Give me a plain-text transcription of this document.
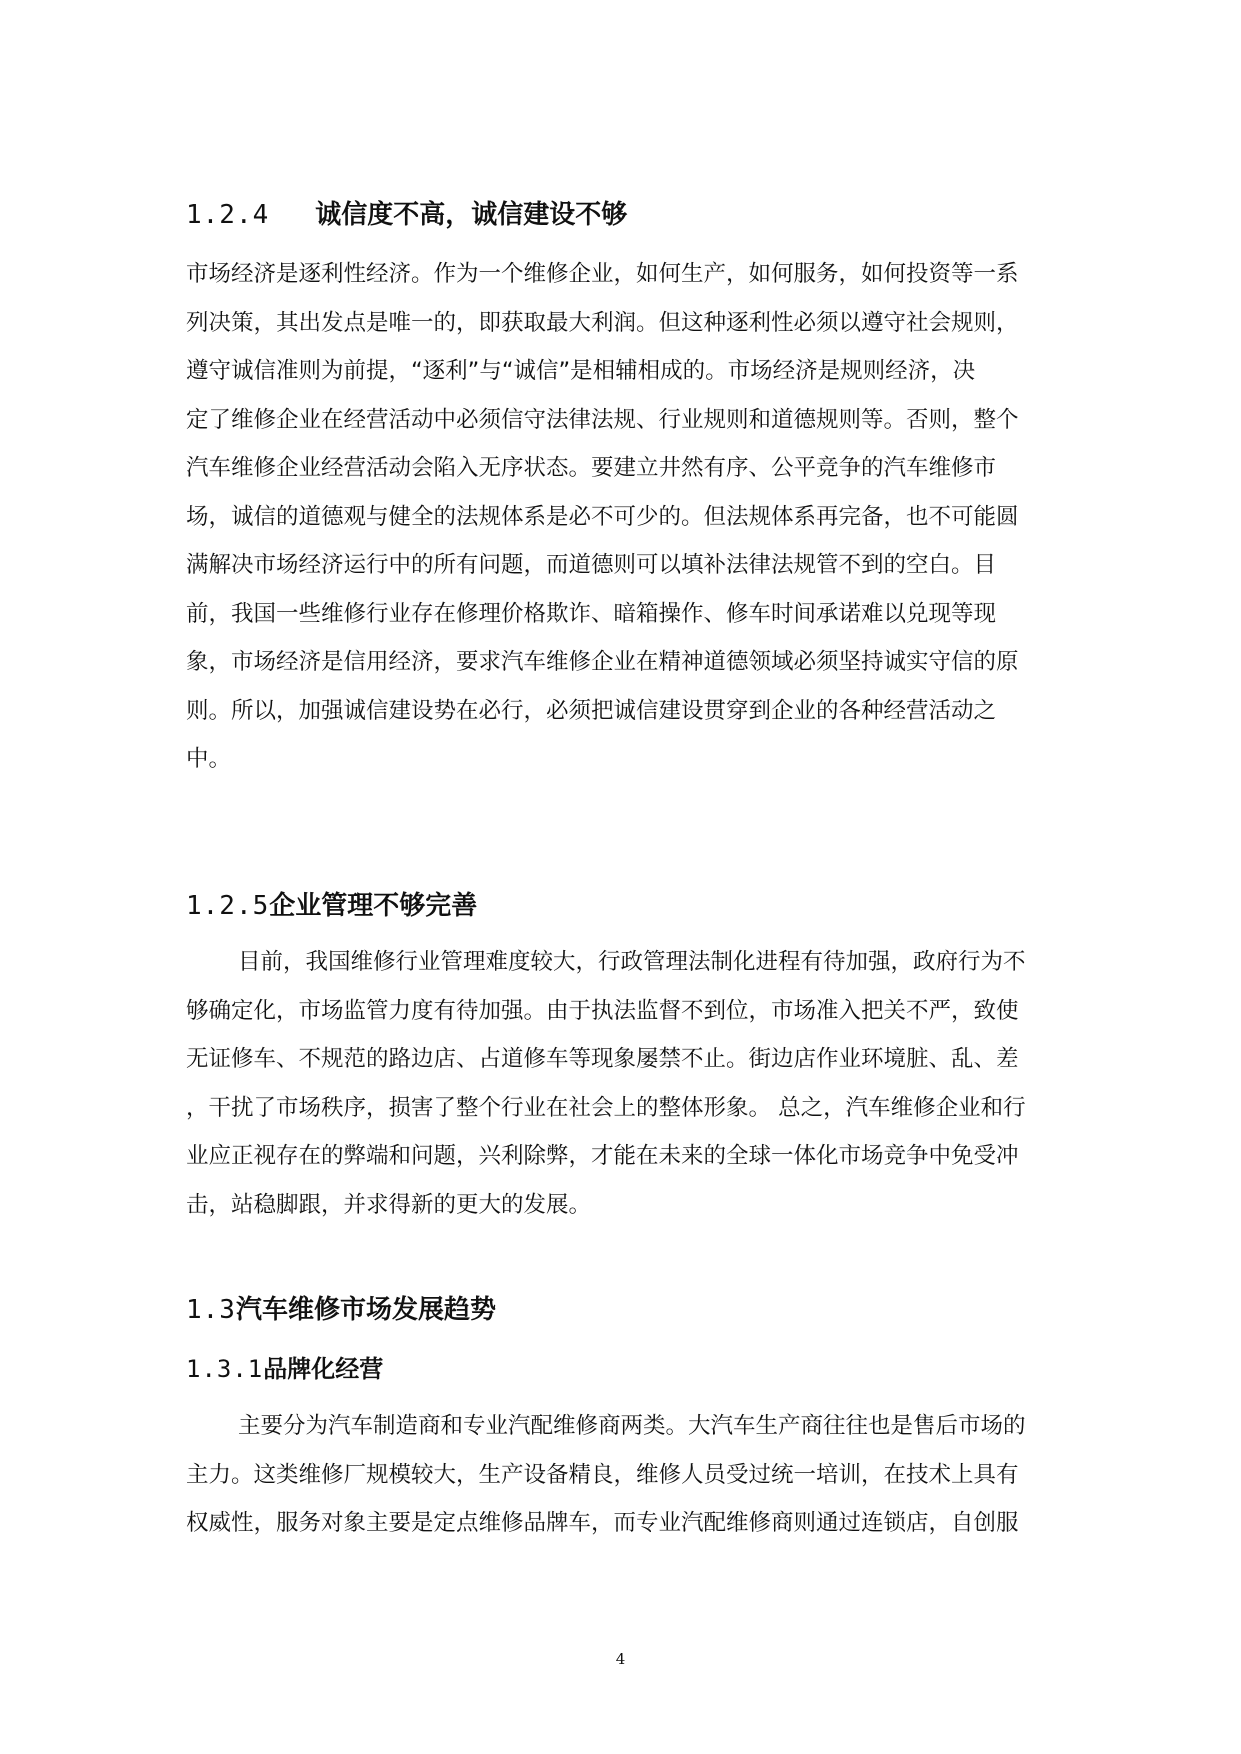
1.2.4 诚信度不高，诚信建设不够
市场经济是逐利性经济。作为一个维修企业，如何生产，如何服务，如何投资等一系
列决策，其出发点是唯一的，即获取最大利润。但这种逐利性必须以遵守社会规则，
遵守诚信准则为前提，“逐利”与“诚信”是相辅相成的。市场经济是规则经济，决
定了维修企业在经营活动中必须信守法律法规、行业规则和道德规则等。否则，整个
汽车维修企业经营活动会陷入无序状态。要建立井然有序、公平竞争的汽车维修市
场，诚信的道德观与健全的法规体系是必不可少的。但法规体系再完备，也不可能圆
满解决市场经济运行中的所有问题，而道德则可以填补法律法规管不到的空白。目
前，我国一些维修行业存在修理价格欺诈、暗箱操作、修车时间承诺难以兑现等现
象，市场经济是信用经济，要求汽车维修企业在精神道德领域必须坚持诚实守信的原
则。所以，加强诚信建设势在必行，必须把诚信建设贯穿到企业的各种经营活动之
中。
1.2.5企业管理不够完善
目前，我国维修行业管理难度较大，行政管理法制化进程有待加强，政府行为不
够确定化，市场监管力度有待加强。由于执法监督不到位，市场准入把关不严，致使
无证修车、不规范的路边店、占道修车等现象屡禁不止。街边店作业环境脏、乱、差
，干扰了市场秩序，损害了整个行业在社会上的整体形象。 总之，汽车维修企业和行
业应正视存在的弊端和问题，兴利除弊，才能在未来的全球一体化市场竞争中免受冲
击，站稳脚跟，并求得新的更大的发展。
1.3汽车维修市场发展趋势
1.3.1品牌化经营
主要分为汽车制造商和专业汽配维修商两类。大汽车生产商往往也是售后市场的
主力。这类维修厂规模较大，生产设备精良，维修人员受过统一培训，在技术上具有
权威性，服务对象主要是定点维修品牌车，而专业汽配维修商则通过连锁店，自创服
4
